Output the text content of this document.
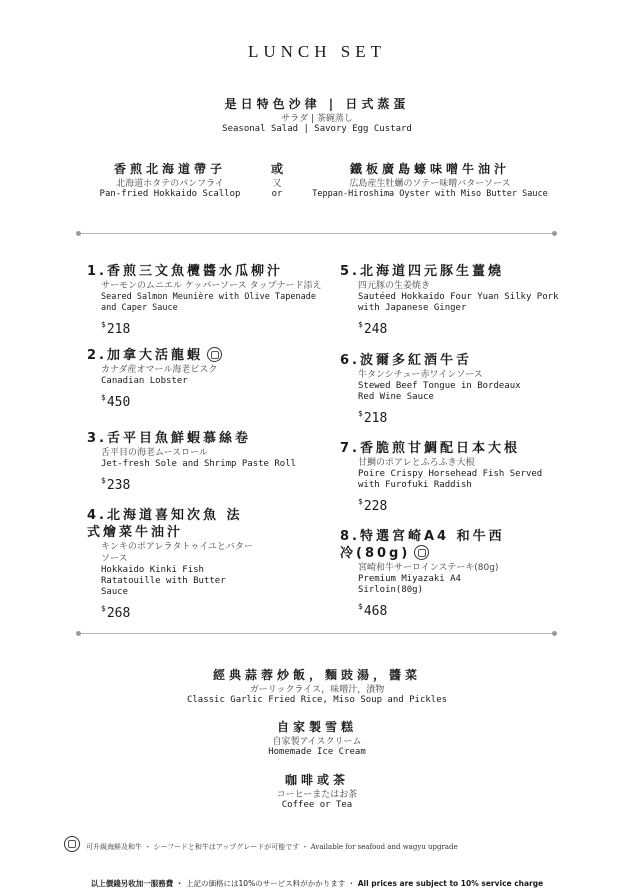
LUNCH SET
是日特色沙律 | 日式蒸蛋
サラダ | 茶碗蒸し
Seasonal Salad | Savory Egg Custard
香煎北海道帶子
北海道ホタテのパンフライ
Pan-fried Hokkaido Scallop
或
又
or
鐵板廣島蠔味噌牛油汁
広島産生牡蠣のソテー味噌バターソース
Teppan-Hiroshima Oyster with Miso Butter Sauce
1.香煎三文魚欖醬水瓜柳汁
サーモンのムニエル ケッパーソース タップナード添え
Seared Salmon Meunière with Olive Tapenade and Caper Sauce
$218
2.加拿大活龍蝦
カナダ産オマール海老ビスク
Canadian Lobster
$450
3.舌平目魚鮮蝦慕絲卷
舌平目の海老ムースロール
Jet-fresh Sole and Shrimp Paste Roll
$238
4.北海道喜知次魚 法式燴菜牛油汁
キンキのポアレラタトゥイユとバターソース
Hokkaido Kinki Fish Ratatouille with Butter Sauce
$268
5.北海道四元豚生薑燒
四元豚の生姜焼き
Sautéed Hokkaido Four Yuan Silky Pork with Japanese Ginger
$248
6.波爾多紅酒牛舌
牛タンシチュー赤ワインソース
Stewed Beef Tongue in Bordeaux Red Wine Sauce
$218
7.香脆煎甘鯛配日本大根
甘鯛のポアレとふろふき大根
Poire Crispy Horsehead Fish Served with Furofuki Raddish
$228
8.特選宮崎A4 和牛西冷(80g)
宮崎和牛サーロインステーキ(80g)
Premium Miyazaki A4 Sirloin(80g)
$468
經典蒜蓉炒飯，麵豉湯，醬菜
ガーリックライス，味噌汁，漬物
Classic Garlic Fried Rice, Miso Soup and Pickles
自家製雪糕
自家製アイスクリーム
Homemade Ice Cream
咖啡或茶
コーヒーまたはお茶
Coffee or Tea
可升級海鮮及和牛 ・ シーフードと和牛はアップグレードが可能です ・ Available for seafood and wagyu upgrade
以上價錢另收加一服務費 ・ 上記の価格には10%のサービス料がかかります ・ All prices are subject to 10% service charge
